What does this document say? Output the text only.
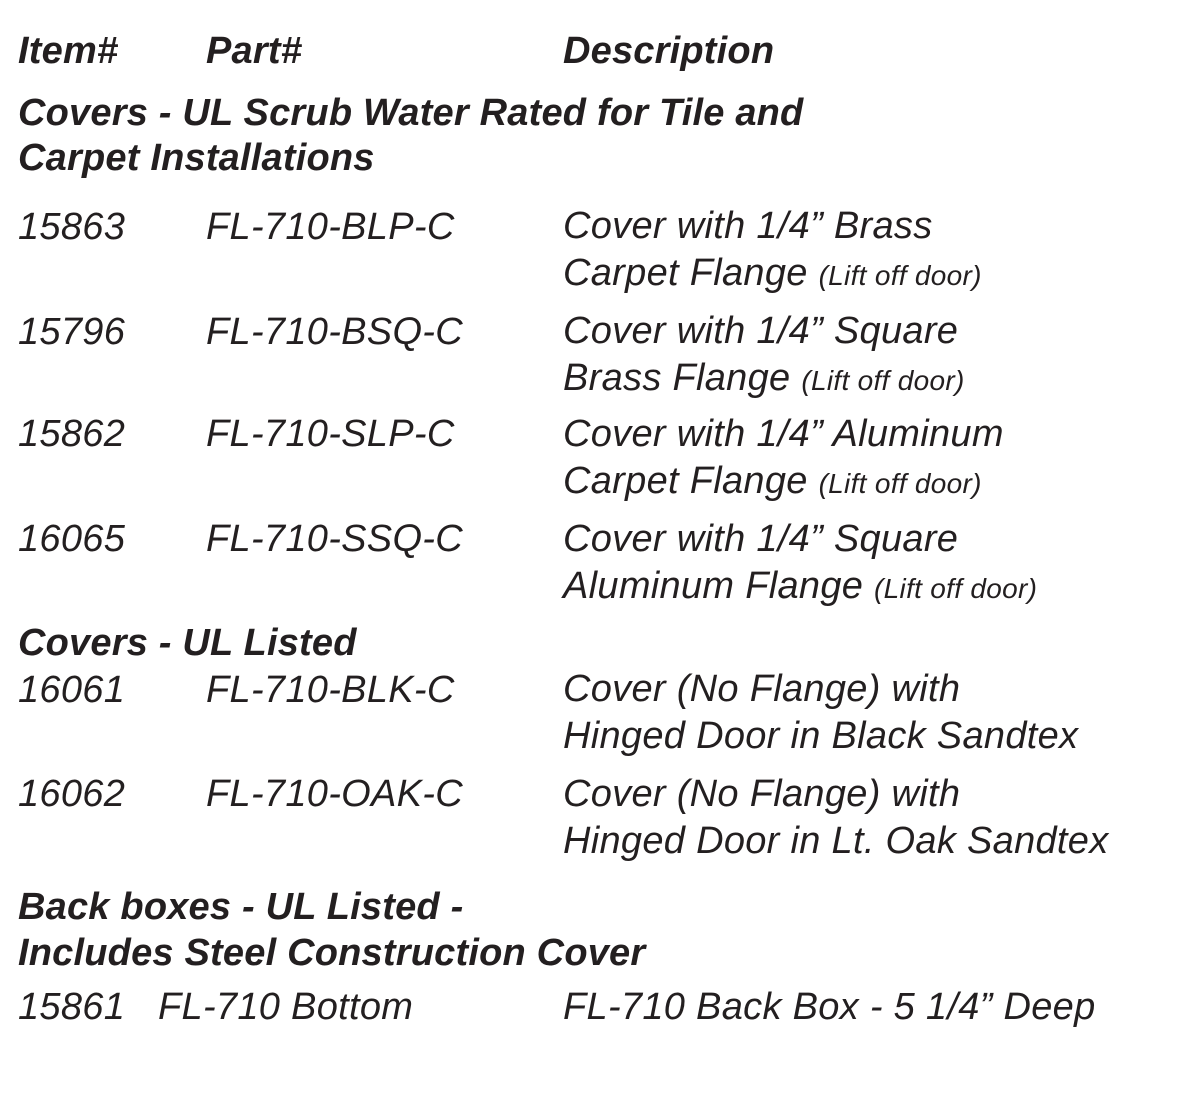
Item# Part#	Description
Covers - UL Scrub Water Rated for Tile and
Carpet Installations
15863 FL-710-BLP-C	Cover with 1/4” Brass
Carpet Flange (Lift off door)
15796 FL-710-BSQ-C	Cover with 1/4” Square
Brass Flange (Lift off door)
15862 FL-710-SLP-C	Cover with 1/4” Aluminum
Carpet Flange (Lift off door)
16065 FL-710-SSQ-C	Cover with 1/4” Square
Aluminum Flange (Lift off door)
Covers - UL Listed
16061 FL-710-BLK-C	Cover (No Flange) with
Hinged Door in Black Sandtex
16062 FL-710-OAK-C	Cover (No Flange) with
Hinged Door in Lt. Oak Sandtex
Back boxes - UL Listed -
Includes Steel Construction Cover
15861 FL-710 Bottom	FL-710 Back Box - 5 1/4” Deep
